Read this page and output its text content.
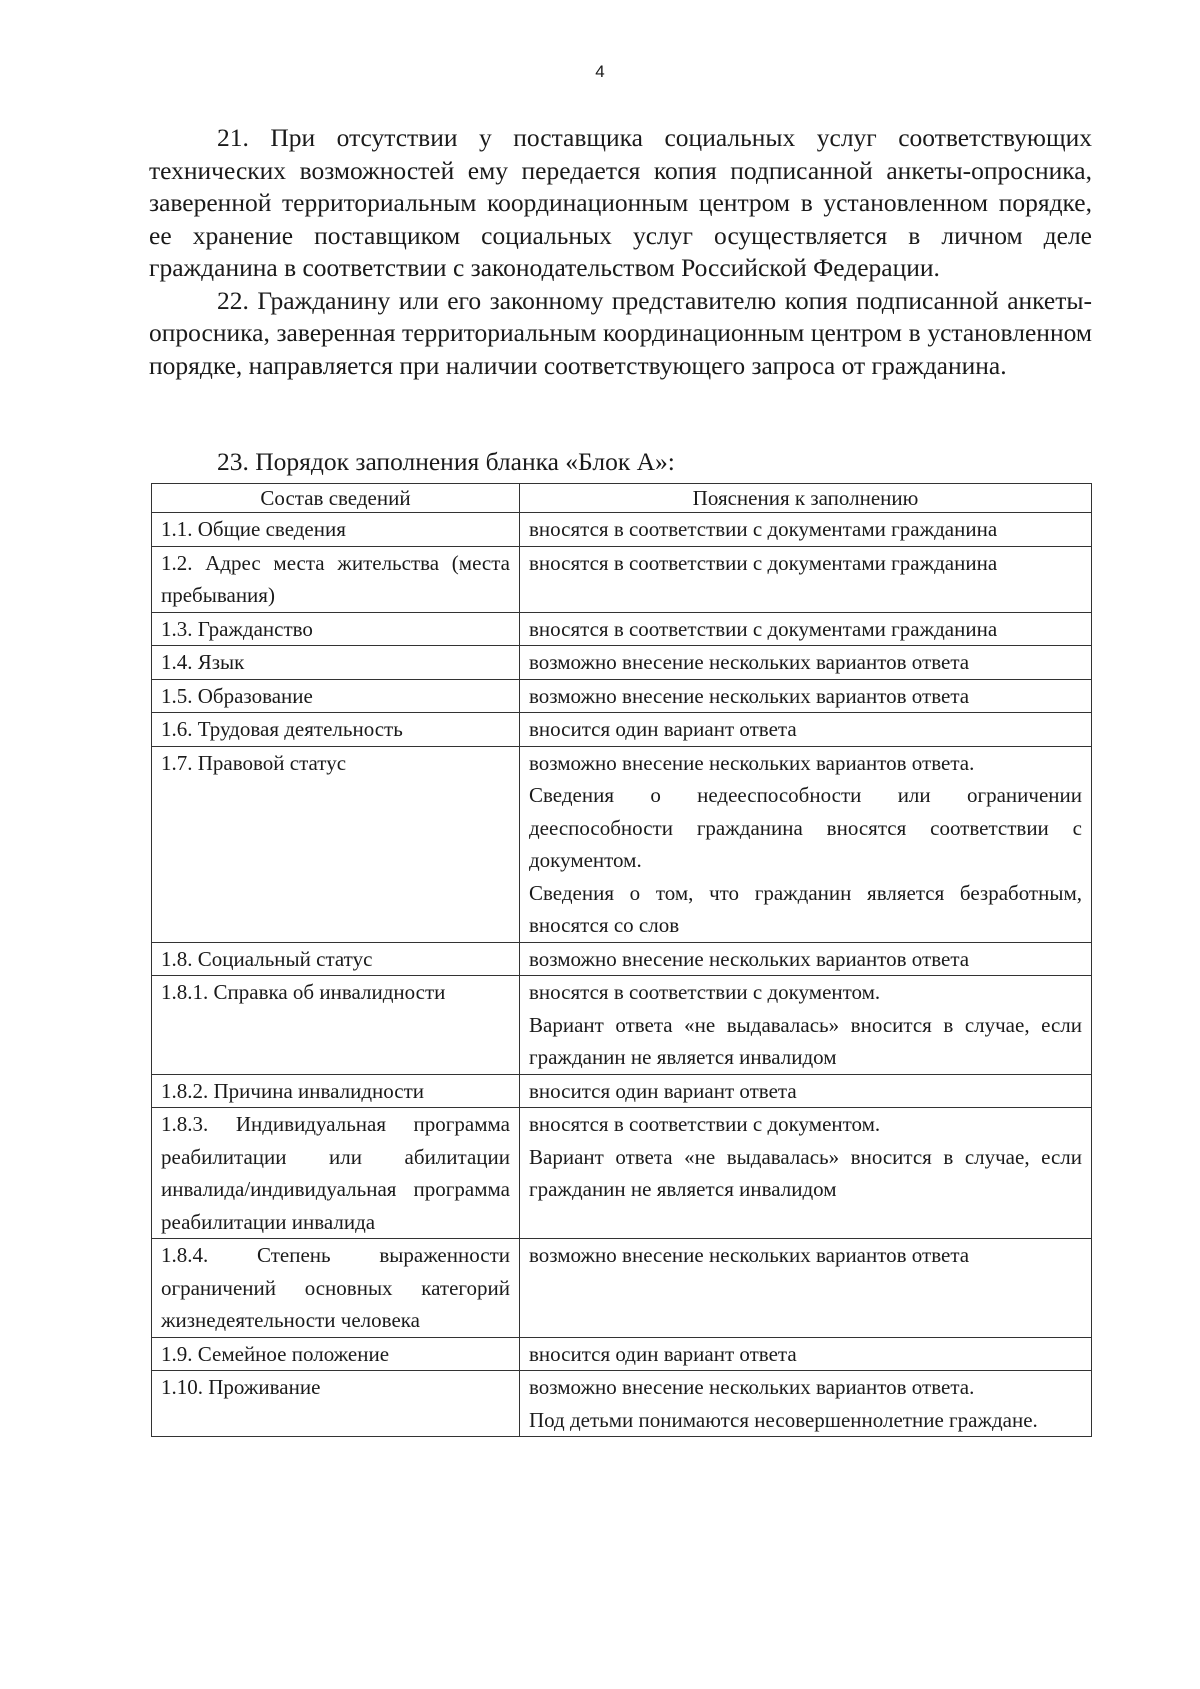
4

21. При отсутствии у поставщика социальных услуг соответствующих технических возможностей ему передается копия подписанной анкеты-опросника, заверенной территориальным координационным центром в установленном порядке, ее хранение поставщиком социальных услуг осуществляется в личном деле гражданина в соответствии с законодательством Российской Федерации.

22. Гражданину или его законному представителю копия подписанной анкеты-опросника, заверенная территориальным координационным центром в установленном порядке, направляется при наличии соответствующего запроса от гражданина.

23. Порядок заполнения бланка «Блок А»:
Состав сведений	Пояснения к заполнению
1.1. Общие сведения	вносятся в соответствии с документами гражданина

1.2. Адрес места жительства (места пребывания)	вносятся в соответствии с документами гражданина

1.3. Гражданство	вносятся в соответствии с документами гражданина

1.4. Язык	возможно внесение нескольких вариантов ответа

1.5. Образование	возможно внесение нескольких вариантов ответа

1.6. Трудовая деятельность	вносится один вариант ответа

1.7. Правовой статус	возможно внесение нескольких вариантов ответа.

Сведения о недееспособности или ограничении дееспособности гражданина вносятся соответствии с документом.

Сведения о том, что гражданин является безработным, вносятся со слов

1.8. Социальный статус	возможно внесение нескольких вариантов ответа

1.8.1. Справка об инвалидности	вносятся в соответствии с документом.

Вариант ответа «не выдавалась» вносится в случае, если гражданин не является инвалидом

1.8.2. Причина инвалидности	вносится один вариант ответа

1.8.3. Индивидуальная программа реабилитации или абилитации инвалида/индивидуальная программа реабилитации инвалида	вносятся в соответствии с документом.

Вариант ответа «не выдавалась» вносится в случае, если гражданин не является инвалидом

1.8.4. Степень выраженности ограничений основных категорий жизнедеятельности человека	возможно внесение нескольких вариантов ответа

1.9. Семейное положение	вносится один вариант ответа

1.10. Проживание	возможно внесение нескольких вариантов ответа.

Под детьми понимаются несовершеннолетние граждане.
